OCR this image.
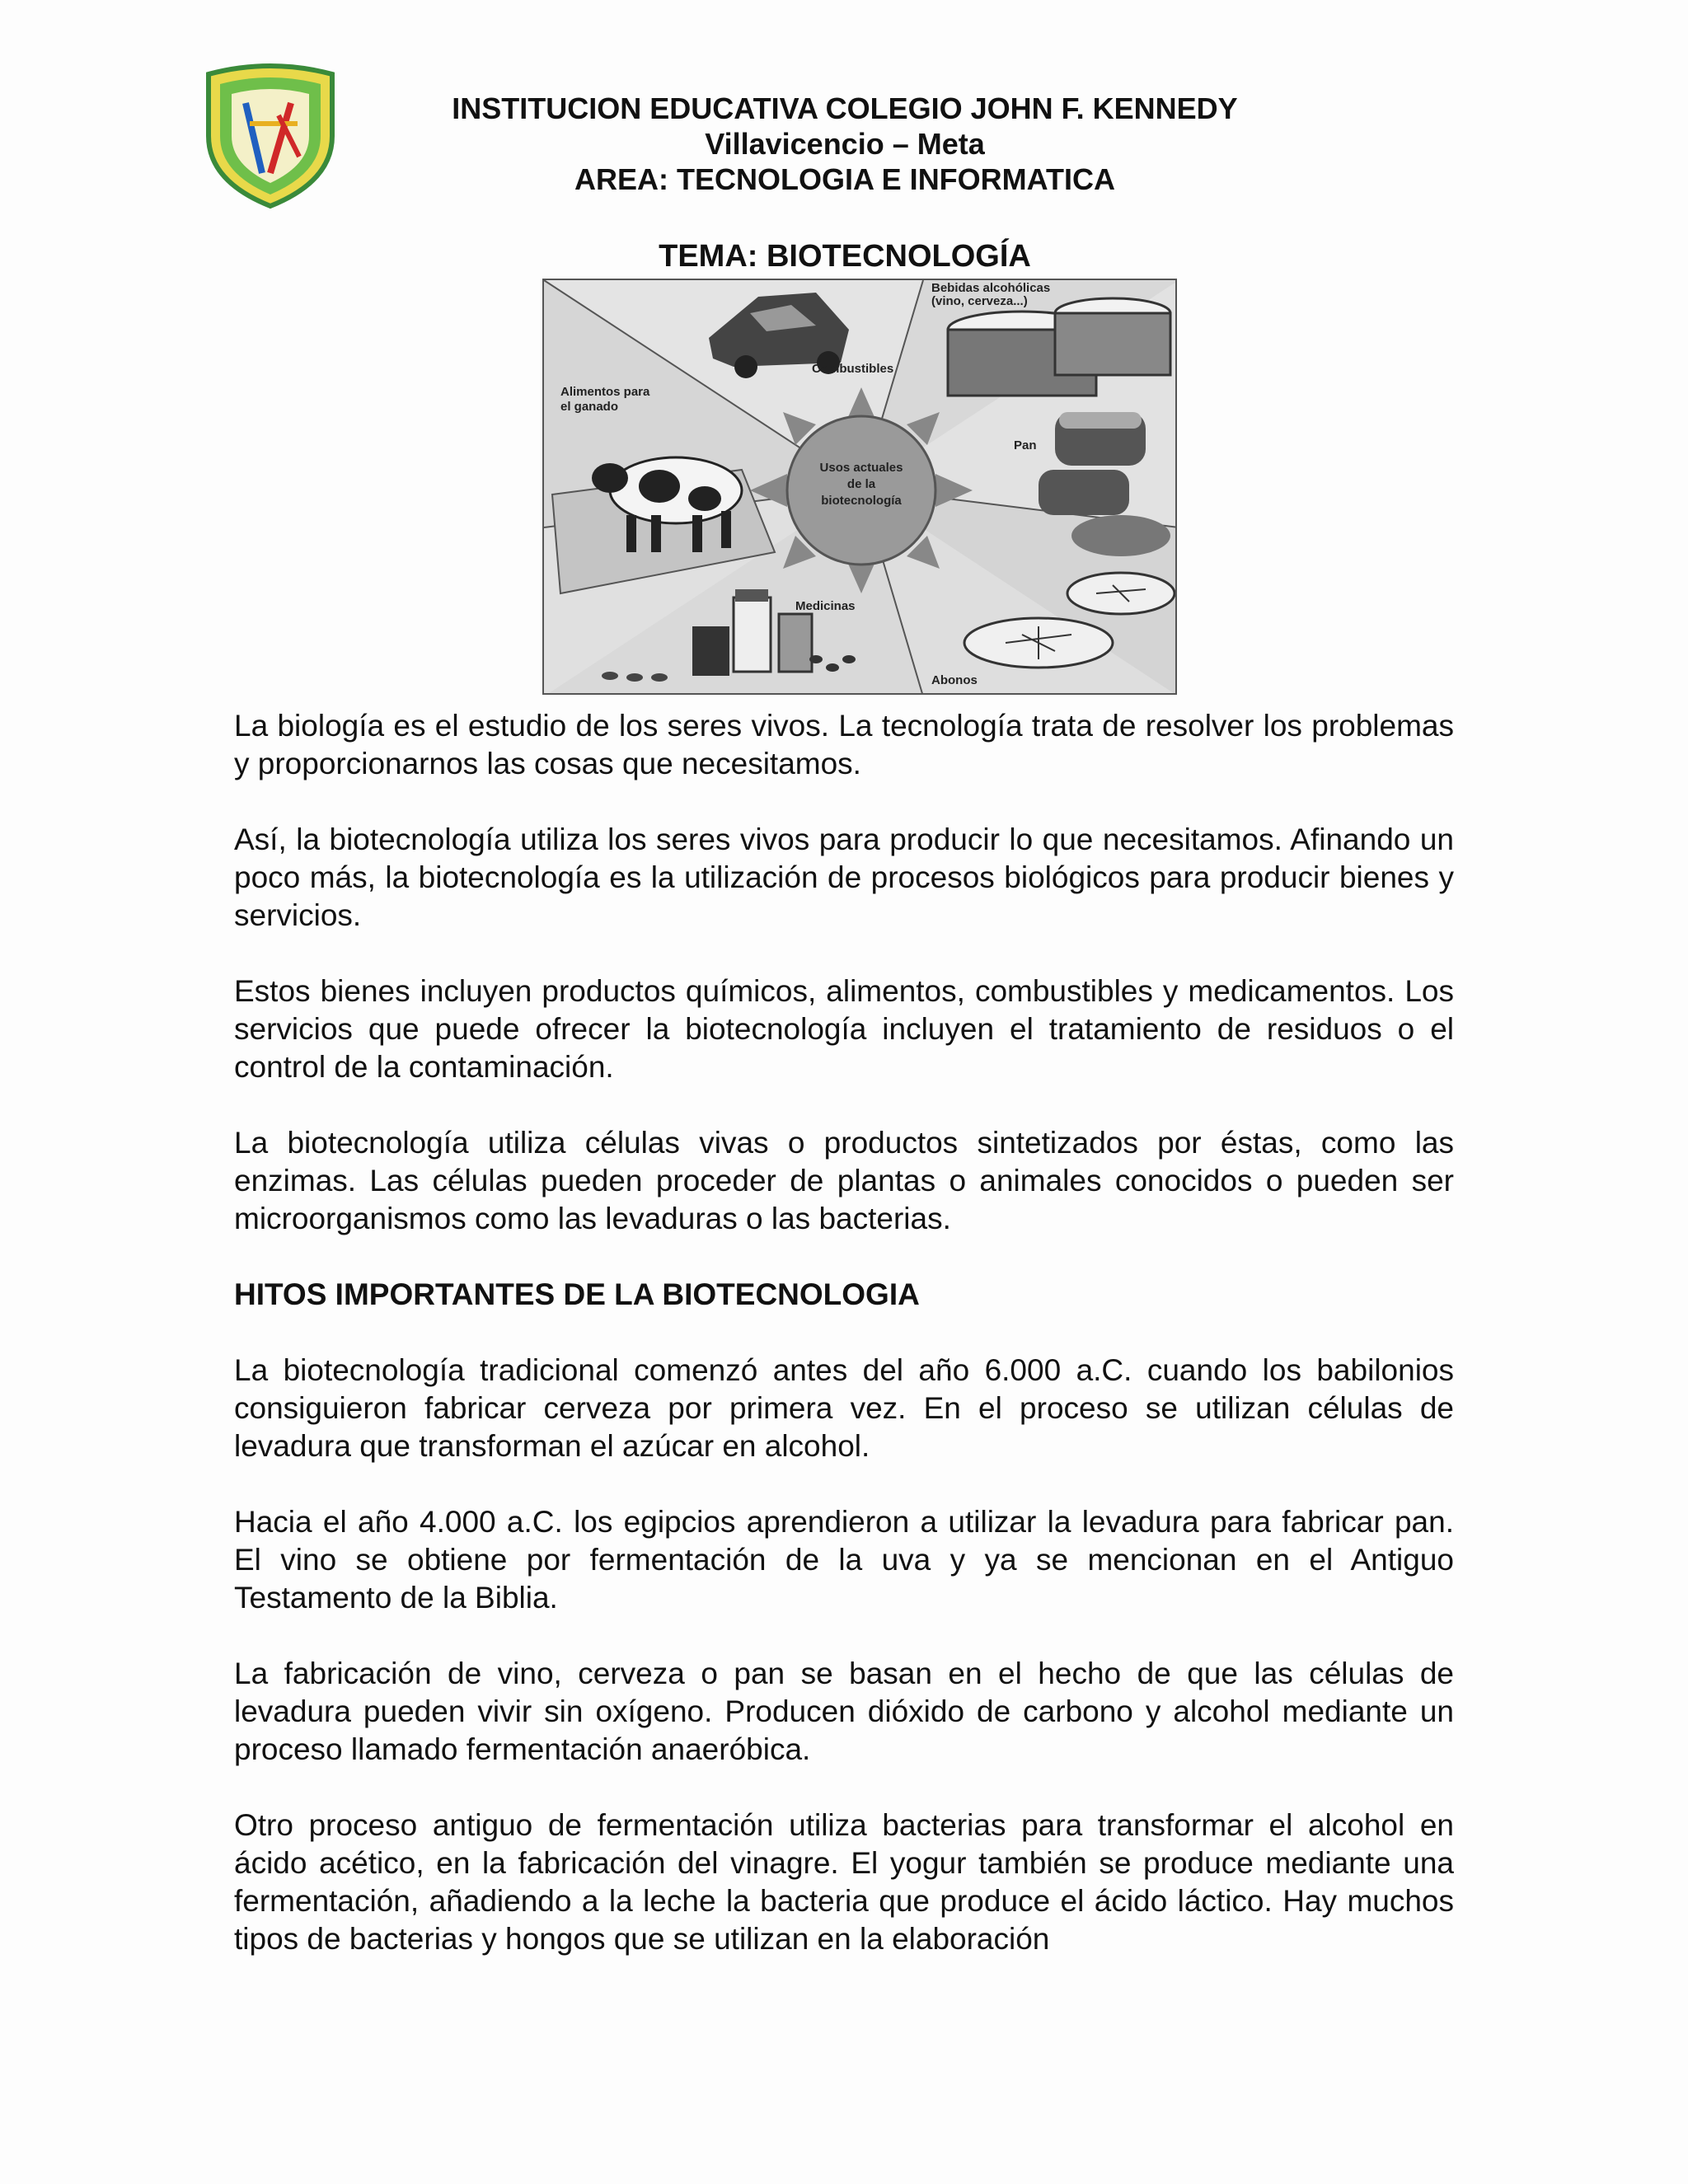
INSTITUCION EDUCATIVA COLEGIO JOHN F. KENNEDY
Villavicencio – Meta
AREA: TECNOLOGIA E INFORMATICA
TEMA: BIOTECNOLOGÍA
Alimentos para
el ganado
Combustibles
Bebidas alcohólicas
(vino, cerveza...)
Pan
Medicinas
Abonos
Usos actuales
de la
biotecnología

La biología es el estudio de los seres vivos. La tecnología trata de resolver los problemas y proporcionarnos las cosas que necesitamos.

Así, la biotecnología utiliza los seres vivos para producir lo que necesitamos. Afinando un poco más, la biotecnología es la utilización de procesos biológicos para producir bienes y servicios.

Estos bienes incluyen productos químicos, alimentos, combustibles y medicamentos. Los servicios que puede ofrecer la biotecnología incluyen el tratamiento de residuos o el control de la contaminación.

La biotecnología utiliza células vivas o productos sintetizados por éstas, como las enzimas. Las células pueden proceder de plantas o animales conocidos o pueden ser microorganismos como las levaduras o las bacterias.

HITOS IMPORTANTES DE LA BIOTECNOLOGIA

La biotecnología tradicional comenzó antes del año 6.000 a.C. cuando los babilonios consiguieron fabricar cerveza por primera vez. En el proceso se utilizan células de levadura que transforman el azúcar en alcohol.

Hacia el año 4.000 a.C. los egipcios aprendieron a utilizar la levadura para fabricar pan. El vino se obtiene por fermentación de la uva y ya se mencionan en el Antiguo Testamento de la Biblia.

La fabricación de vino, cerveza o pan se basan en el hecho de que las células de levadura pueden vivir sin oxígeno. Producen dióxido de carbono y alcohol mediante un proceso llamado fermentación anaeróbica.

Otro proceso antiguo de fermentación utiliza bacterias para transformar el alcohol en ácido acético, en la fabricación del vinagre. El yogur también se produce mediante una fermentación, añadiendo a la leche la bacteria que produce el ácido láctico. Hay muchos tipos de bacterias y hongos que se utilizan en la elaboración
